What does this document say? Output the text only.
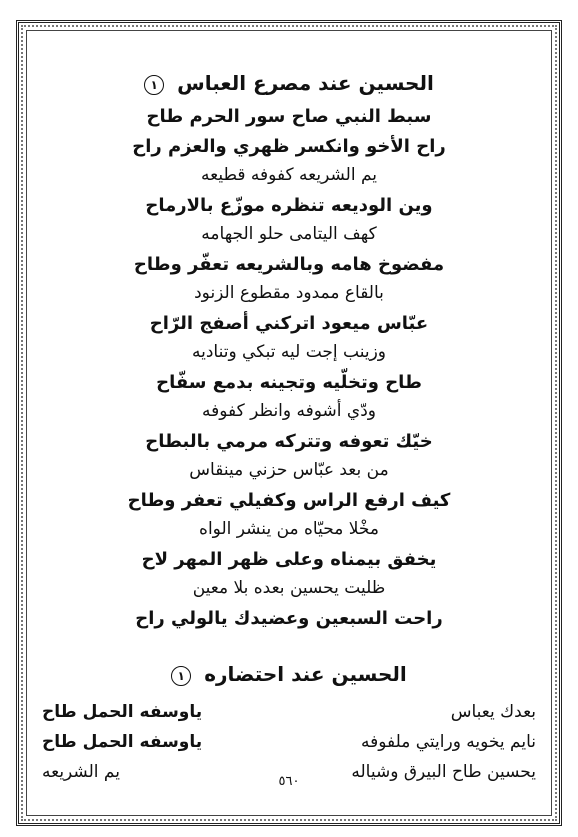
الحسين عند مصرع العباس ١
سبط النبي صاح سور الحرم طاح
راح الأخو وانكسر ظهري والعزم راح
يم الشريعه كفوفه قطيعه
وين الوديعه تنظره موزّع بالارماح
كهف اليتامى حلو الجهامه
مفضوخ هامه وبالشريعه تعفّر وطاح
بالقاع ممدود مقطوع الزنود
عبّاس ميعود اتركني أصفج الرّاح
وزينب إجت ليه تبكي وتناديه
طاح وتخلّيه وتجينه بدمع سفّاح
ودّي أشوفه وانظر كفوفه
خيّك تعوفه وتتركه مرمي بالبطاح
من بعد عبّاس حزني مينقاس
كيف ارفع الراس وكفيلي تعفر وطاح
مخْلا محيّاه من ينشر الواه
يخفق بيمناه وعلى ظهر المهر لاح
ظليت يحسين بعده بلا معين
راحت السبعين وعضيدك يالولي راح
الحسين عند احتضاره ١
بعدك يعباس
ياوسفه الحمل طاح
نايم يخويه ورايتي ملفوفه
ياوسفه الحمل طاح
يحسين طاح البيرق وشياله
يم الشريعه	٥٦٠
